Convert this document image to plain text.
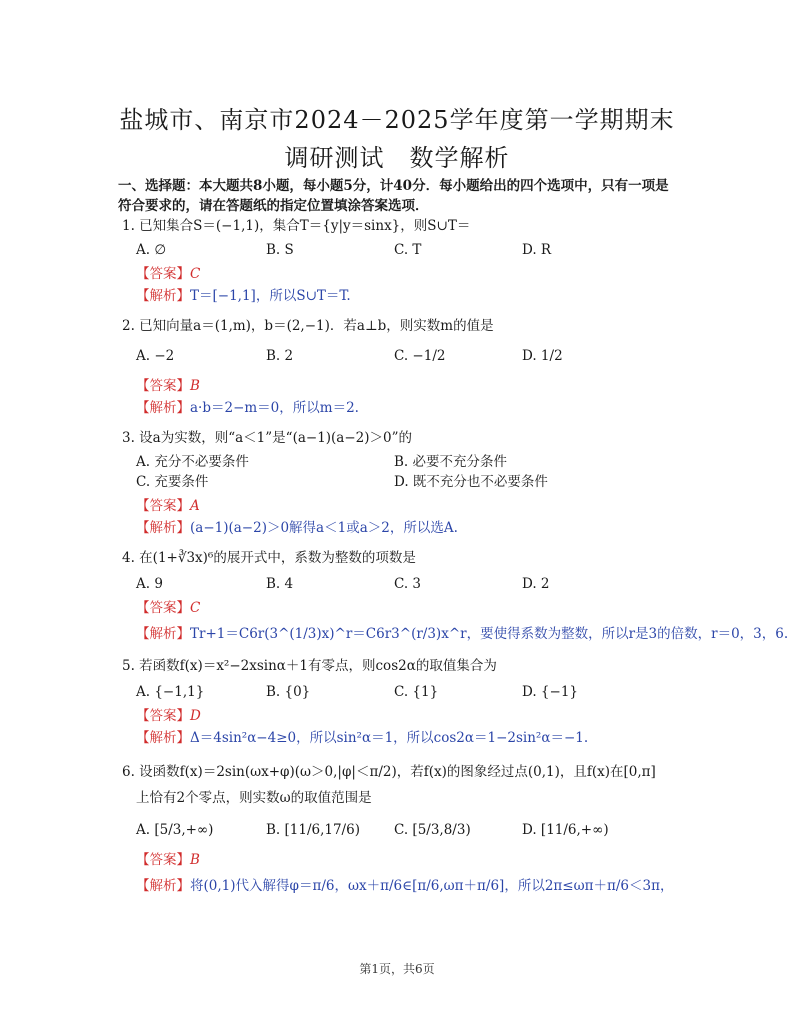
盐城市、南京市2024－2025学年度第一学期期末
调研测试　数学解析
一、选择题：本大题共8小题，每小题5分，计40分．每小题给出的四个选项中，只有一项是
符合要求的，请在答题纸的指定位置填涂答案选项．
1. 已知集合S＝(−1,1)，集合T＝{y|y＝sinx}，则S∪T＝
A. ∅	B. S	C. T	D. R
【答案】C
【解析】T＝[−1,1]，所以S∪T＝T.
2. 已知向量a＝(1,m)，b＝(2,−1)．若a⊥b，则实数m的值是
A. −2	B. 2	C. −1/2	D. 1/2
【答案】B
【解析】a·b＝2−m＝0，所以m＝2.
3. 设a为实数，则“a＜1”是“(a−1)(a−2)＞0”的
A. 充分不必要条件	B. 必要不充分条件
C. 充要条件	D. 既不充分也不必要条件
【答案】A
【解析】(a−1)(a−2)＞0解得a＜1或a＞2，所以选A.
4. 在(1+∛3x)⁶的展开式中，系数为整数的项数是
A. 9	B. 4	C. 3	D. 2
【答案】C
【解析】Tr+1＝C6r(3^(1/3)x)^r＝C6r3^(r/3)x^r，要使得系数为整数，所以r是3的倍数，r＝0，3，6.
5. 若函数f(x)＝x²−2xsinα＋1有零点，则cos2α的取值集合为
A. {−1,1}	B. {0}	C. {1}	D. {−1}
【答案】D
【解析】Δ＝4sin²α−4≥0，所以sin²α＝1，所以cos2α＝1−2sin²α＝−1.
6. 设函数f(x)＝2sin(ωx+φ)(ω＞0,|φ|＜π/2)，若f(x)的图象经过点(0,1)，且f(x)在[0,π]
上恰有2个零点，则实数ω的取值范围是
A. [5/3,+∞)	B. [11/6,17/6)	C. [5/3,8/3)	D. [11/6,+∞)
【答案】B
【解析】将(0,1)代入解得φ＝π/6，ωx＋π/6∈[π/6,ωπ＋π/6]，所以2π≤ωπ＋π/6＜3π，
第1页，共6页
